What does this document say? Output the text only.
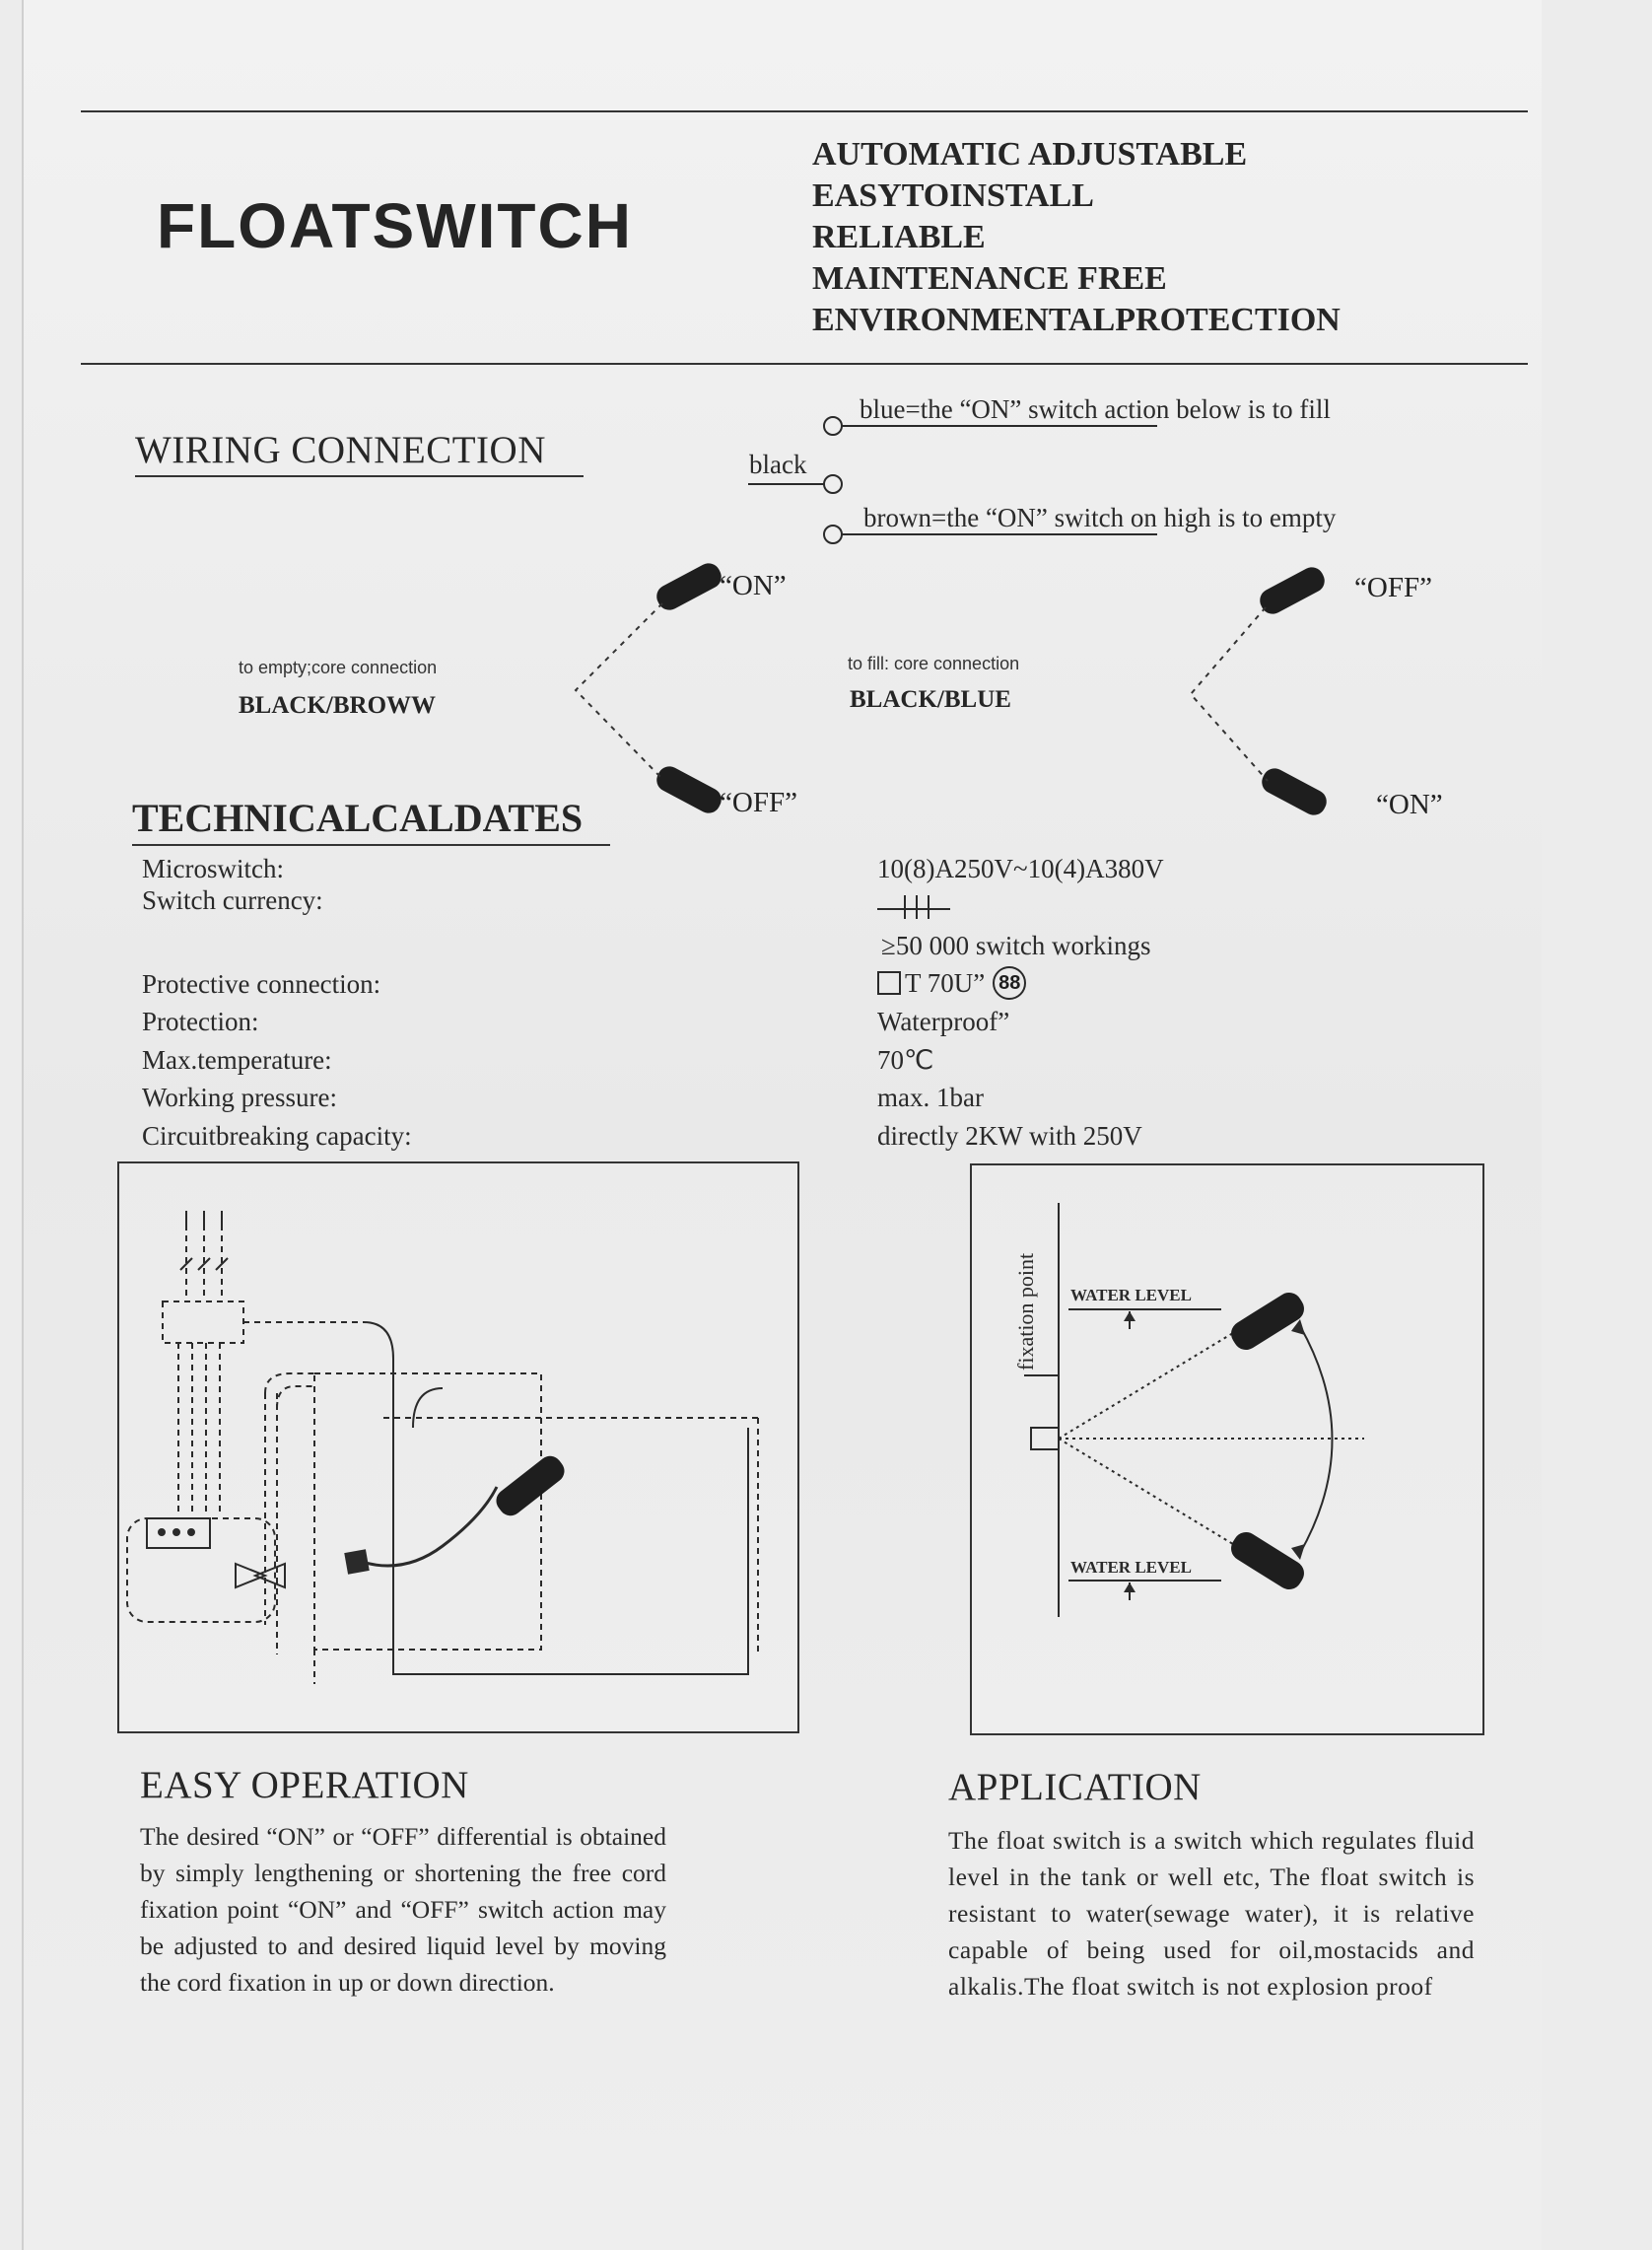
FLOATSWITCH
AUTOMATIC ADJUSTABLE
EASYTOINSTALL
RELIABLE
MAINTENANCE FREE
ENVIRONMENTALPROTECTION
WIRING CONNECTION
blue=the “ON” switch action below is to fill
black
brown=the “ON” switch on high is to empty
“ON”
“OFF”
to empty;core connection
BLACK/BROWW
“OFF”
“ON”
to fill: core connection
BLACK/BLUE
TECHNICALCALDATES
Microswitch:
Switch currency:
Protective connection:
Protection:
Max.temperature:
Working pressure:
Circuitbreaking capacity:
10(8)A250V~10(4)A380V
≥50 000 switch workings
T 70U” 88
Waterproof”
70℃
max. 1bar
directly 2KW with 250V
fixation point WATER LEVEL
WATER LEVEL
EASY OPERATION
The desired “ON” or “OFF” differential is obtained by simply lengthening or shortening the free cord fixation point “ON” and “OFF” switch action may be adjusted to and desired liquid level by moving the cord fixation in up or down direction.
APPLICATION
The float switch is a switch which regulates fluid level in the tank or well etc, The float switch is resistant to water(sewage water), it is relative capable of being used for oil,mostacids and alkalis.The float switch is not explosion proof
